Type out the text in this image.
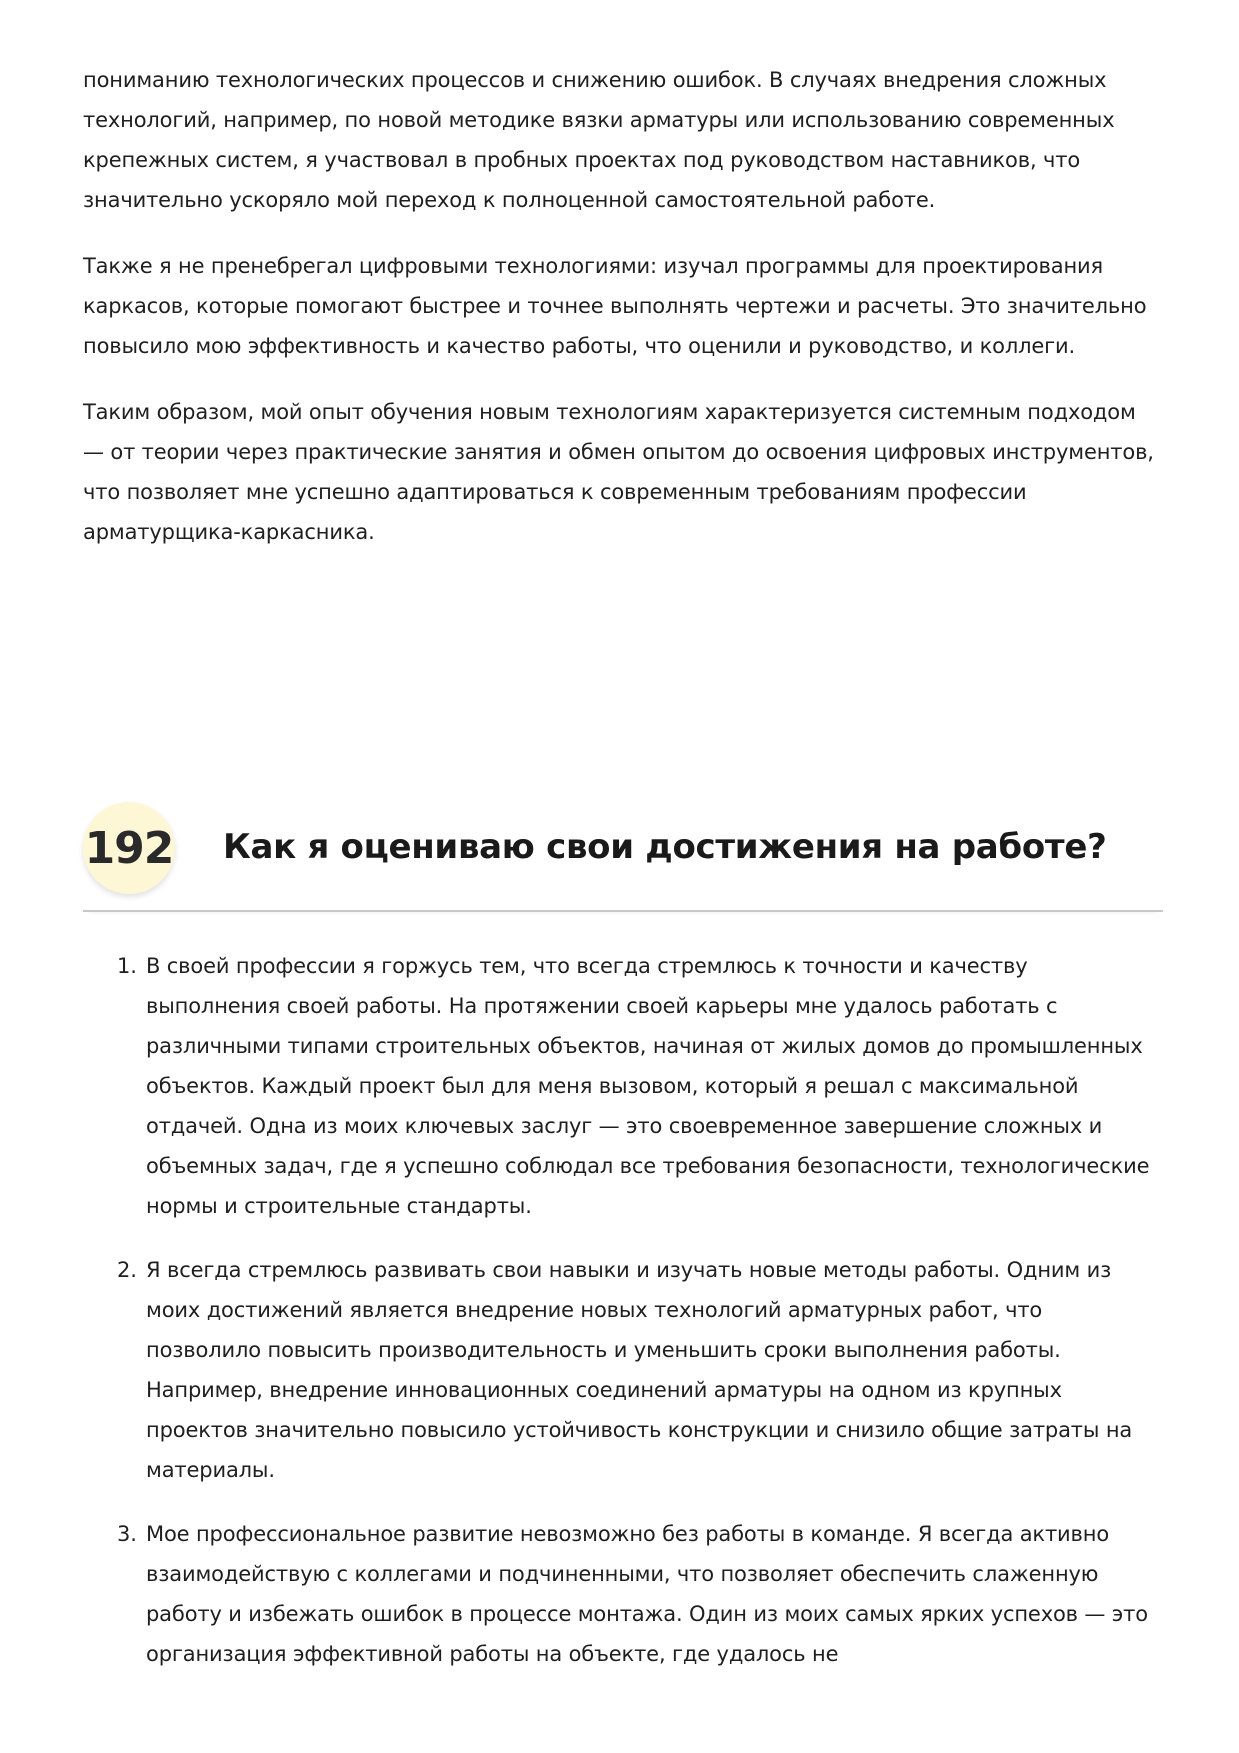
пониманию технологических процессов и снижению ошибок. В случаях внедрения сложных технологий, например, по новой методике вязки арматуры или использованию современных крепежных систем, я участвовал в пробных проектах под руководством наставников, что значительно ускоряло мой переход к полноценной самостоятельной работе.

Также я не пренебрегал цифровыми технологиями: изучал программы для проектирования каркасов, которые помогают быстрее и точнее выполнять чертежи и расчеты. Это значительно повысило мою эффективность и качество работы, что оценили и руководство, и коллеги.

Таким образом, мой опыт обучения новым технологиям характеризуется системным подходом — от теории через практические занятия и обмен опытом до освоения цифровых инструментов, что позволяет мне успешно адаптироваться к современным требованиям профессии арматурщика-каркасника.

192 Как я оцениваю свои достижения на работе?
1. В своей профессии я горжусь тем, что всегда стремлюсь к точности и качеству выполнения своей работы. На протяжении своей карьеры мне удалось работать с различными типами строительных объектов, начиная от жилых домов до промышленных объектов. Каждый проект был для меня вызовом, который я решал с максимальной отдачей. Одна из моих ключевых заслуг — это своевременное завершение сложных и объемных задач, где я успешно соблюдал все требования безопасности, технологические нормы и строительные стандарты.
2. Я всегда стремлюсь развивать свои навыки и изучать новые методы работы. Одним из моих достижений является внедрение новых технологий арматурных работ, что позволило повысить производительность и уменьшить сроки выполнения работы. Например, внедрение инновационных соединений арматуры на одном из крупных проектов значительно повысило устойчивость конструкции и снизило общие затраты на материалы.
3. Мое профессиональное развитие невозможно без работы в команде. Я всегда активно взаимодействую с коллегами и подчиненными, что позволяет обеспечить слаженную работу и избежать ошибок в процессе монтажа. Один из моих самых ярких успехов — это организация эффективной работы на объекте, где удалось не
